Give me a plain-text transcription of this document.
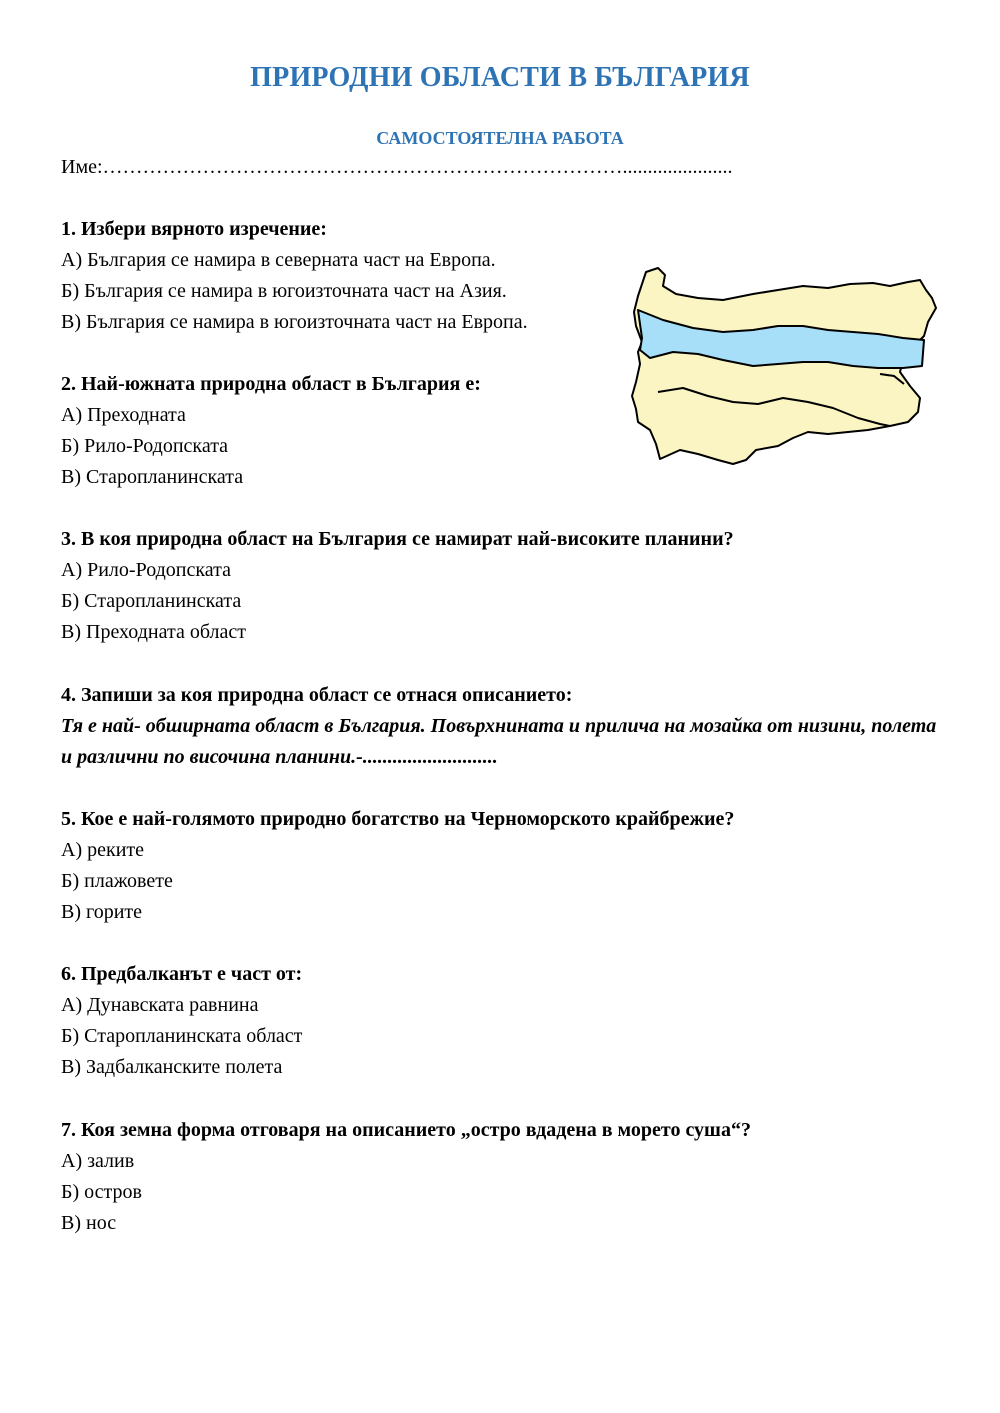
ПРИРОДНИ ОБЛАСТИ В БЪЛГАРИЯ
САМОСТОЯТЕЛНА РАБОТА
Име:……………………………………………………………………......................
1. Избери вярното изречение:
А) България се намира в северната част на Европа.
Б) България се намира в югоизточната част на Азия.
В) България се намира в югоизточната част на Европа.
2. Най-южната природна област в България е:
А) Преходната
Б) Рило-Родопската
В) Старопланинската
3. В коя природна област на България се намират най-високите планини?
А) Рило-Родопската
Б) Старопланинската
В) Преходната област
4. Запиши за коя природна област се отнася описанието:
Тя е най- обширната област в България. Повърхнината и прилича на мозайка от низини, полета и различни по височина планини.-...........................
5. Кое е най-голямото природно богатство на Черноморското крайбрежие?
А) реките
Б) плажовете
В) горите
6. Предбалканът е част от:
А) Дунавската равнина
Б) Старопланинската област
В) Задбалканските полета
7. Коя земна форма отговаря на описанието „остро вдадена в морето суша“?
А) залив
Б) остров
В) нос
